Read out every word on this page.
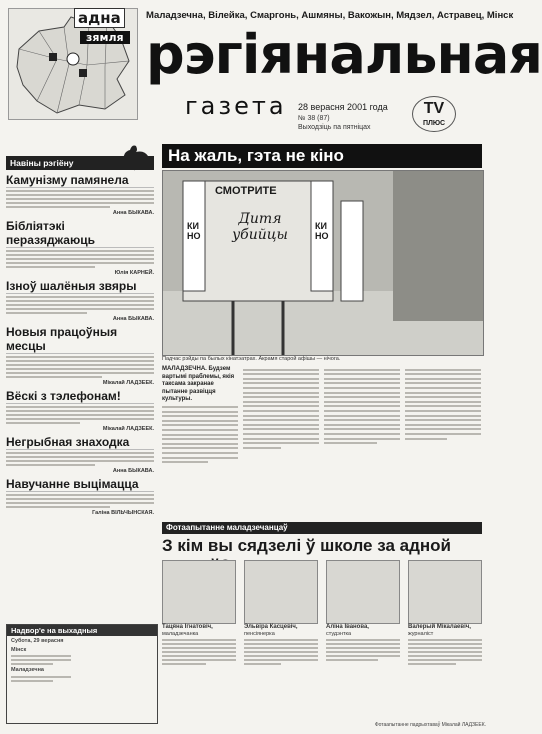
адна
зямля
Маладзечна, Вілейка, Смаргонь, Ашмяны, Вакожын, Мядзел, Астравец, Мінск
рэгіянальная
газета 28 верасня 2001 года
№ 38 (87)
Выходзіць па пятніцах
ТV
ПЛЮС
Навіны рэгіёну
Камунізму памянела
Анна БЫКАВА.
Бібліятэкі перазяджаюць
Юлія КАРНЕЙ.
Ізноў шалёныя звяры
Анна БЫКАВА.
Новыя працоўныя месцы
Мікалай ЛАДЗЕЕК.
Вёскі з тэлефонам!
Мікалай ЛАДЗЕЕК.
Негрыбная знаходка
Анна БЫКАВА.
Навучанне выцімацца
Галіна ВІЛЬЧЫНСКАЯ.
Надвор'е на выхадныя
Субота, 29 верасня
Мінск
Маладзечна
На жаль, гэта не кіно
СМОТРИТЕ
Дитя убийцы
КИНО
КИНО
Падчас рэйды па былых кінатэатрах. Акрамя старой афішы — нічога.
МАЛАДЗЕЧНА. Будзем вартымі праблемы, якія таксама закранае пытанне развіцця культуры.
Фотаапытанне маладзечанцаў
З кім вы сядзелі ў школе за адной
Тацяна Ігнатовіч,
маладзечанка
Эльвіра Касцевіч,
пенсіянерка
Аліна Іванова,
студэнтка
Валерый Мікалаевіч,
журналіст
Фотаапытанне падрыхтаваў Мікалай ЛАДЗЕЕК.
